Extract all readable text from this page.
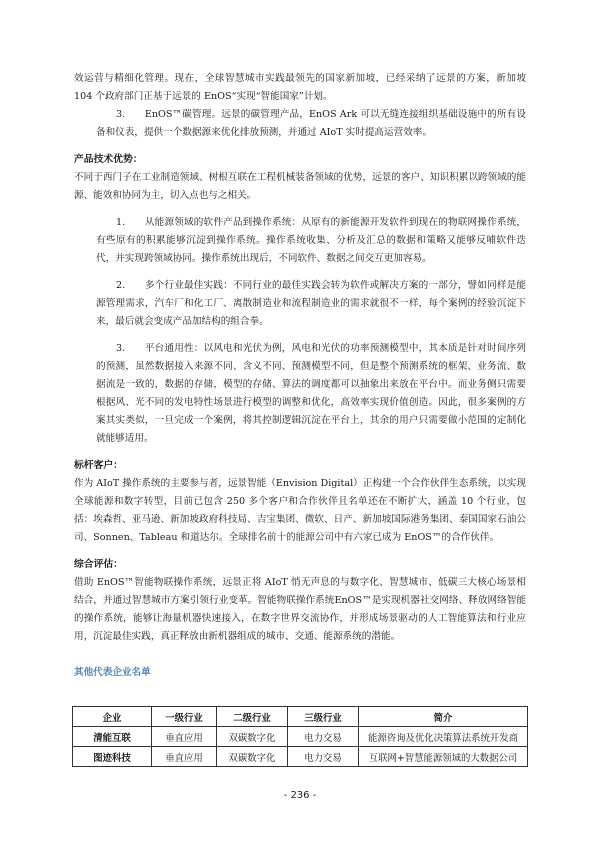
效运营与精细化管理。现在，全球智慧城市实践最领先的国家新加坡，已经采纳了远景的方案，新加坡 104 个政府部门正基于远景的 EnOS“实现“智能国家”计划。

3.　　EnOS™碳管理。远景的碳管理产品，EnOS Ark 可以无缝连接组织基础设施中的所有设备和仪表，提供一个数据源来优化排放预测，并通过 AIoT 实时提高运营效率。

产品技术优势：

不同于西门子在工业制造领域、树根互联在工程机械装备领域的优势，远景的客户、知识积累以跨领域的能源、能效和协同为主，切入点也与之相关。

1.　　从能源领域的软件产品到操作系统：从原有的新能源开发软件到现在的物联网操作系统，有些原有的积累能够沉淀到操作系统。操作系统收集、分析及汇总的数据和策略又能够反哺软件迭代，并实现跨领域协同。操作系统出现后，不同软件、数据之间交互更加容易。

2.　　多个行业最佳实践：不同行业的最佳实践会转为软件或解决方案的一部分，譬如同样是能源管理需求，汽车厂和化工厂、离散制造业和流程制造业的需求就很不一样，每个案例的经验沉淀下来，最后就会变成产品加结构的组合拳。

3.　　平台通用性：以风电和光伏为例，风电和光伏的功率预测模型中，其本质是针对时间序列的预测，虽然数据接入来源不同、含义不同、预测模型不同，但是整个预测系统的框架、业务流、数据流是一致的，数据的存储，模型的存储、算法的调度都可以抽象出来放在平台中。而业务侧只需要根据风、光不同的发电特性场景进行模型的调整和优化，高效率实现价值创造。因此，很多案例的方案其实类似，一旦完成一个案例，将其控制逻辑沉淀在平台上，其余的用户只需要做小范围的定制化就能够适用。

标杆客户：

作为 AIoT 操作系统的主要参与者，远景智能（Envision Digital）正构建一个合作伙伴生态系统，以实现全球能源和数字转型，目前已包含 250 多个客户和合作伙伴且名单还在不断扩大，涵盖 10 个行业，包括：埃森哲、亚马逊、新加坡政府科技局、吉宝集团、微软、日产、新加坡国际港务集团、泰国国家石油公司、Sonnen、Tableau 和道达尔。全球排名前十的能源公司中有六家已成为 EnOS™的合作伙伴。

综合评估：

借助 EnOS™智能物联操作系统，远景正将 AIoT 悄无声息的与数字化、智慧城市、低碳三大核心场景相结合，并通过智慧城市方案引领行业变革。智能物联操作系统EnOS™是实现机器社交网络、释放网络智能的操作系统，能够让海量机器快速接入，在数字世界交流协作，并形成场景驱动的人工智能算法和行业应用，沉淀最佳实践，真正释放由新机器组成的城市、交通、能源系统的潜能。

其他代表企业名单
企业	一级行业	二级行业	三级行业	简介
清能互联	垂直应用	双碳数字化	电力交易	能源咨询及优化决策算法系统开发商
图迹科技	垂直应用	双碳数字化	电力交易	互联网+智慧能源领域的大数据公司
- 236 -
